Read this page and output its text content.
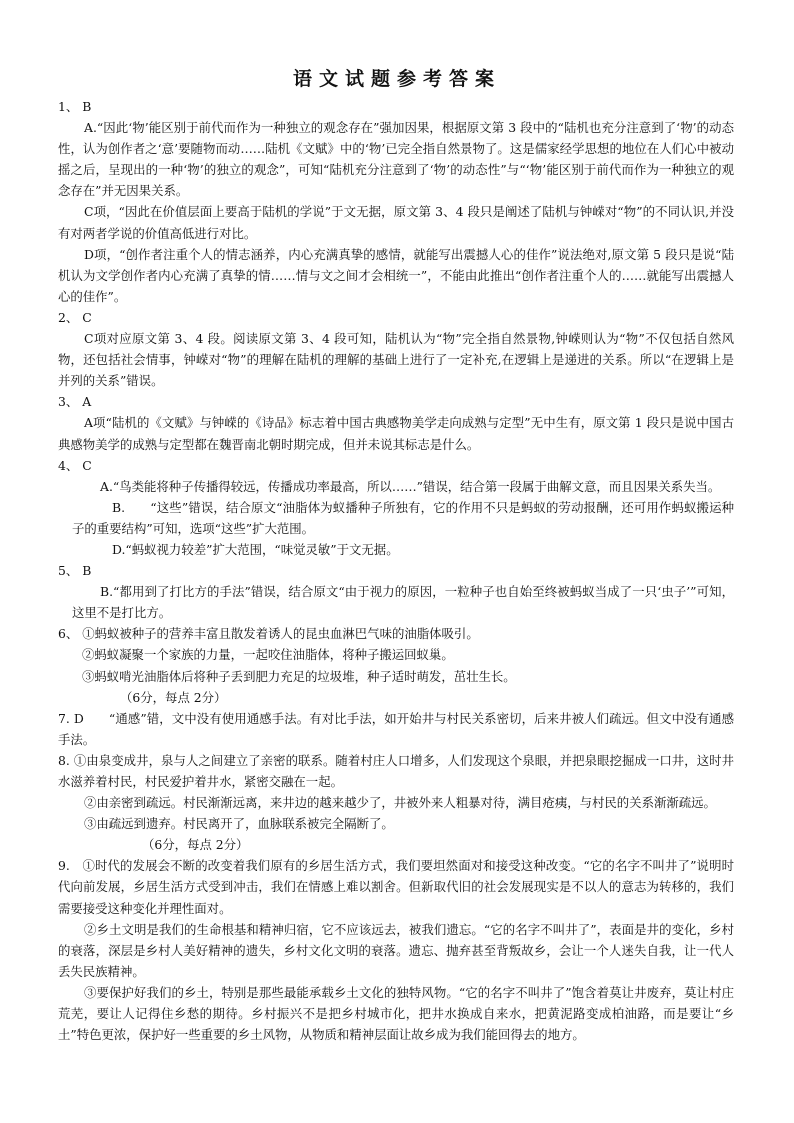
语文试题参考答案

1、 B

A.“因此‘物’能区别于前代而作为一种独立的观念存在”强加因果，根据原文第 3 段中的“陆机也充分注意到了‘物’的动态性，认为创作者之‘意’要随物而动……陆机《文赋》中的‘物’已完全指自然景物了。这是儒家经学思想的地位在人们心中被动摇之后，呈现出的一种‘物’的独立的观念”，可知“陆机充分注意到了‘物’的动态性”与“‘物’能区别于前代而作为一种独立的观念存在”并无因果关系。

C项，“因此在价值层面上要高于陆机的学说”于文无据，原文第 3、4 段只是阐述了陆机与钟嵘对“物”的不同认识,并没有对两者学说的价值高低进行对比。

D项，“创作者注重个人的情志涵养，内心充满真挚的感情，就能写出震撼人心的佳作”说法绝对,原文第 5 段只是说“陆机认为文学创作者内心充满了真挚的情……情与文之间才会相统一”，不能由此推出“创作者注重个人的……就能写出震撼人心的佳作”。

2、 C

C项对应原文第 3、4 段。阅读原文第 3、4 段可知，陆机认为“物”完全指自然景物,钟嵘则认为“物”不仅包括自然风物，还包括社会情事，钟嵘对“物”的理解在陆机的理解的基础上进行了一定补充,在逻辑上是递进的关系。所以“在逻辑上是并列的关系”错误。

3、 A

A项“陆机的《文赋》与钟嵘的《诗品》标志着中国古典感物美学走向成熟与定型”无中生有，原文第 1 段只是说中国古典感物美学的成熟与定型都在魏晋南北朝时期完成，但并未说其标志是什么。

4、 C

A.“鸟类能将种子传播得较远，传播成功率最高，所以……”错误，结合第一段属于曲解文意，而且因果关系失当。

B.　　“这些”错误，结合原文“油脂体为蚁播种子所独有，它的作用不只是蚂蚁的劳动报酬，还可用作蚂蚁搬运种子的重要结构”可知，选项“这些”扩大范围。

D.“蚂蚁视力较差”扩大范围，“味觉灵敏”于文无据。

5、 B

B.“都用到了打比方的手法”错误，结合原文“由于视力的原因，一粒种子也自始至终被蚂蚁当成了一只‘虫子’”可知，这里不是打比方。

6、 ①蚂蚁被种子的营养丰富且散发着诱人的昆虫血淋巴气味的油脂体吸引。

②蚂蚁凝聚一个家族的力量，一起咬住油脂体，将种子搬运回蚁巢。

③蚂蚁啃光油脂体后将种子丢到肥力充足的垃圾堆，种子适时萌发，茁壮生长。

（6分，每点 2分）

7. D　　“通感”错，文中没有使用通感手法。有对比手法，如开始井与村民关系密切，后来井被人们疏远。但文中没有通感手法。

8. ①由泉变成井，泉与人之间建立了亲密的联系。随着村庄人口增多，人们发现这个泉眼，并把泉眼挖掘成一口井，这时井水滋养着村民，村民爱护着井水，紧密交融在一起。

②由亲密到疏远。村民渐渐远离，来井边的越来越少了，井被外来人粗暴对待，满目疮痍，与村民的关系渐渐疏远。

③由疏远到遗弃。村民离开了，血脉联系被完全隔断了。

（6分，每点 2分）

9.　①时代的发展会不断的改变着我们原有的乡居生活方式，我们要坦然面对和接受这种改变。“它的名字不叫井了”说明时代向前发展，乡居生活方式受到冲击，我们在情感上难以割舍。但新取代旧的社会发展现实是不以人的意志为转移的，我们需要接受这种变化并理性面对。

②乡土文明是我们的生命根基和精神归宿，它不应该远去，被我们遗忘。“它的名字不叫井了”，表面是井的变化，乡村的衰落，深层是乡村人美好精神的遗失，乡村文化文明的衰落。遗忘、抛弃甚至背叛故乡，会让一个人迷失自我，让一代人丢失民族精神。

③要保护好我们的乡土，特别是那些最能承载乡土文化的独特风物。“它的名字不叫井了”饱含着莫让井废弃，莫让村庄荒芜，要让人记得住乡愁的期待。乡村振兴不是把乡村城市化，把井水换成自来水，把黄泥路变成柏油路，而是要让“乡土”特色更浓，保护好一些重要的乡土风物，从物质和精神层面让故乡成为我们能回得去的地方。
